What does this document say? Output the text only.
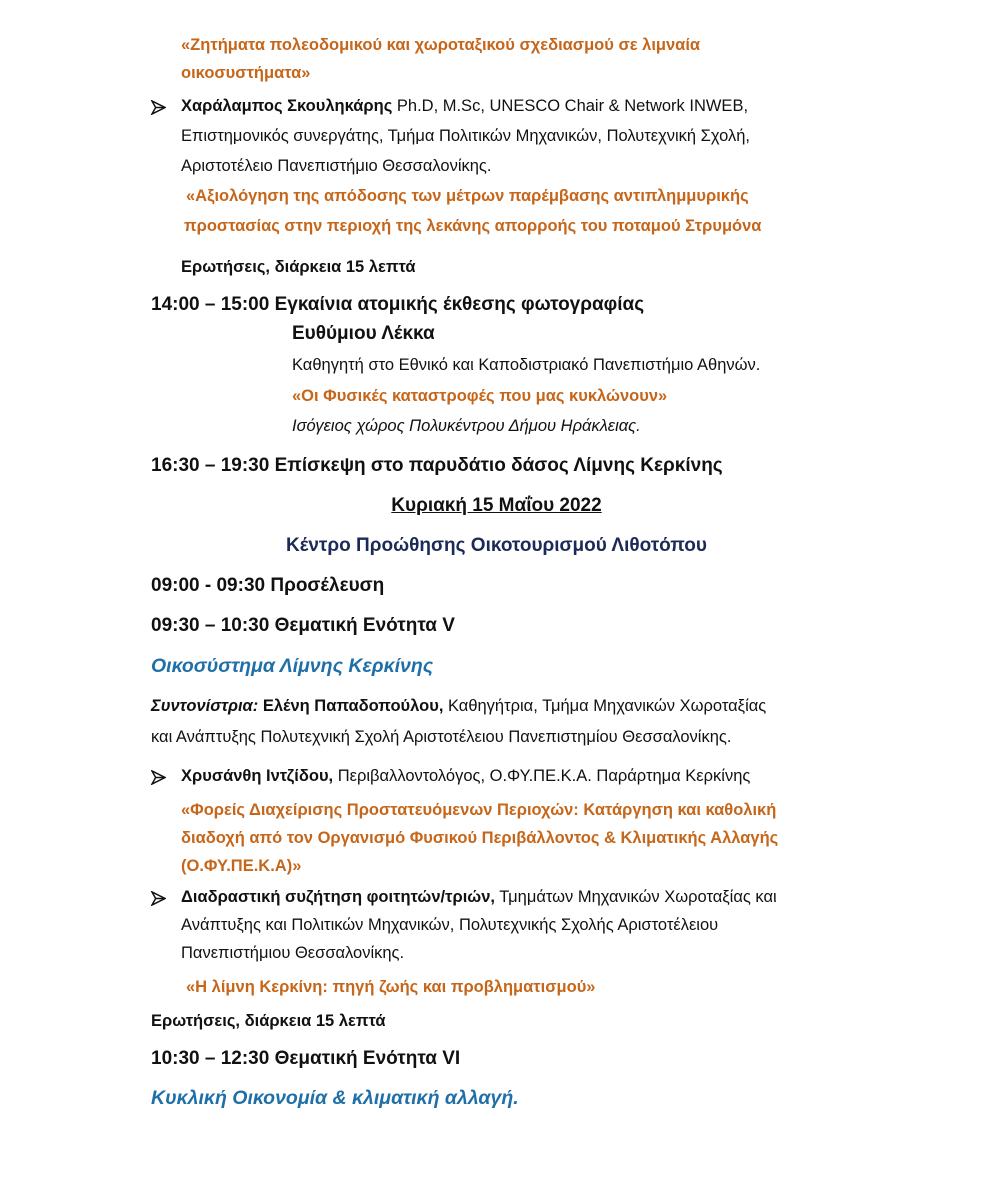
«Ζητήματα πολεοδομικού και χωροταξικού σχεδιασμού σε λιμναία
οικοσυστήματα»
Χαράλαμπος Σκουληκάρης Ph.D, M.Sc, UNESCO Chair & Network INWEB,
Επιστημονικός συνεργάτης, Τμήμα Πολιτικών Μηχανικών, Πολυτεχνική Σχολή,
Αριστοτέλειο Πανεπιστήμιο Θεσσαλονίκης.
«Αξιολόγηση της απόδοσης των μέτρων παρέμβασης αντιπλημμυρικής
προστασίας στην περιοχή της λεκάνης απορροής του ποταμού Στρυμόνα
Ερωτήσεις, διάρκεια 15 λεπτά
14:00 – 15:00 Εγκαίνια ατομικής έκθεσης φωτογραφίας
Ευθύμιου Λέκκα
Καθηγητή στο Εθνικό και Καποδιστριακό Πανεπιστήμιο Αθηνών.
«Οι Φυσικές καταστροφές που μας κυκλώνουν»
Ισόγειος χώρος Πολυκέντρου Δήμου Ηράκλειας.
16:30 – 19:30 Επίσκεψη στο παρυδάτιο δάσος Λίμνης Κερκίνης
Κυριακή 15 Μαΐου 2022
Κέντρο Προώθησης Οικοτουρισμού Λιθοτόπου
09:00 - 09:30 Προσέλευση
09:30 – 10:30 Θεματική Ενότητα V
Οικοσύστημα Λίμνης Κερκίνης
Συντονίστρια: Ελένη Παπαδοπούλου, Καθηγήτρια, Τμήμα Μηχανικών Χωροταξίας
και Ανάπτυξης Πολυτεχνική Σχολή Αριστοτέλειου Πανεπιστημίου Θεσσαλονίκης.
Χρυσάνθη Ιντζίδου, Περιβαλλοντολόγος, Ο.ΦΥ.ΠΕ.Κ.Α. Παράρτημα Κερκίνης
«Φορείς Διαχείρισης Προστατευόμενων Περιοχών: Κατάργηση και καθολική
διαδοχή από τον Οργανισμό Φυσικού Περιβάλλοντος & Κλιματικής Αλλαγής
(Ο.ΦΥ.ΠΕ.Κ.Α)»
Διαδραστική συζήτηση φοιτητών/τριών, Τμημάτων Μηχανικών Χωροταξίας και
Ανάπτυξης και Πολιτικών Μηχανικών, Πολυτεχνικής Σχολής Αριστοτέλειου
Πανεπιστήμιου Θεσσαλονίκης.
«Η λίμνη Κερκίνη: πηγή ζωής και προβληματισμού»
Ερωτήσεις, διάρκεια 15 λεπτά
10:30 – 12:30 Θεματική Ενότητα VI
Κυκλική Οικονομία & κλιματική αλλαγή.
